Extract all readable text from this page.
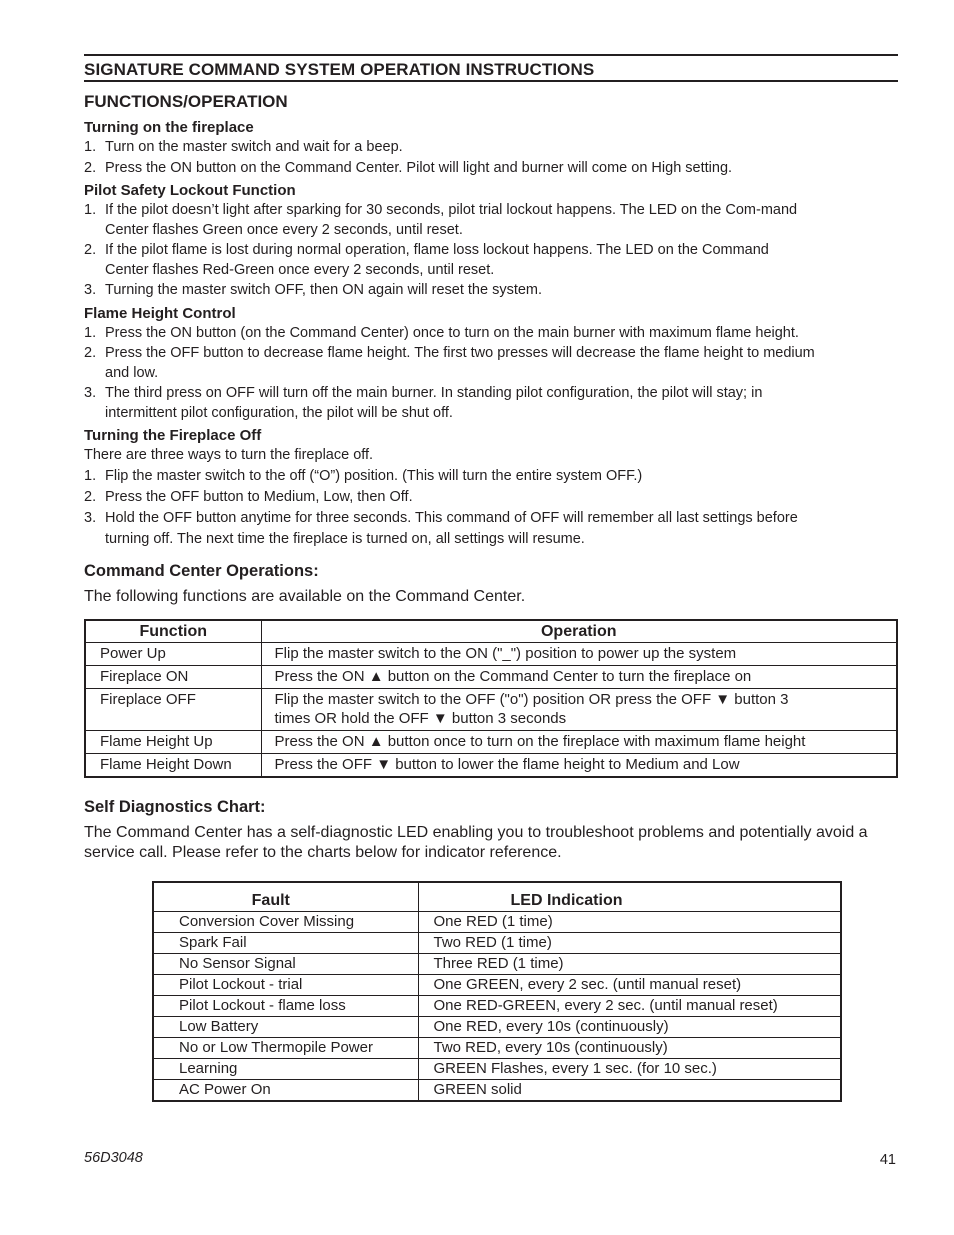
SIGNATURE COMMAND SYSTEM OPERATION INSTRUCTIONS
FUNCTIONS/OPERATION
Turning on the fireplace
1. Turn on the master switch and wait for a beep.
2. Press the ON button on the Command Center. Pilot will light and burner will come on High setting.
Pilot Safety Lockout Function
1. If the pilot doesn’t light after sparking for 30 seconds, pilot trial lockout happens. The LED on the Com-mand Center flashes Green once every 2 seconds, until reset.
2. If the pilot flame is lost during normal operation, flame loss lockout happens. The LED on the Command Center flashes Red-Green once every 2 seconds, until reset.
3. Turning the master switch OFF, then ON again will reset the system.
Flame Height Control
1. Press the ON button (on the Command Center) once to turn on the main burner with maximum flame height.
2. Press the OFF button to decrease flame height. The first two presses will decrease the flame height to medium and low.
3. The third press on OFF will turn off the main burner. In standing pilot configuration, the pilot will stay; in intermittent pilot configuration, the pilot will be shut off.
Turning the Fireplace Off

There are three ways to turn the fireplace off.

1. Flip the master switch to the off (“O”) position. (This will turn the entire system OFF.)
2. Press the OFF button to Medium, Low, then Off.
3. Hold the OFF button anytime for three seconds. This command of OFF will remember all last settings before turning off. The next time the fireplace is turned on, all settings will resume.
Command Center Operations:

The following functions are available on the Command Center.

Function	Operation
Power Up	Flip the master switch to the ON ("_") position to power up the system
Fireplace ON	Press the ON ▲ button on the Command Center to turn the fireplace on
Fireplace OFF	Flip the master switch to the OFF ("o") position OR press the OFF ▼ button 3 times OR hold the OFF ▼ button 3 seconds
Flame Height Up	Press the ON ▲ button once to turn on the fireplace with maximum flame height
Flame Height Down	Press the OFF ▼ button to lower the flame height to Medium and Low
Self Diagnostics Chart:

The Command Center has a self-diagnostic LED enabling you to troubleshoot problems and potentially avoid a service call. Please refer to the charts below for indicator reference.

Fault	LED Indication
Conversion Cover Missing	One RED (1 time)
Spark Fail	Two RED (1 time)
No Sensor Signal	Three RED (1 time)
Pilot Lockout - trial	One GREEN, every 2 sec. (until manual reset)
Pilot Lockout - flame loss	One RED-GREEN, every 2 sec. (until manual reset)
Low Battery	One RED, every 10s (continuously)
No or Low Thermopile Power	Two RED, every 10s (continuously)
Learning	GREEN Flashes, every 1 sec. (for 10 sec.)
AC Power On	GREEN solid
56D3048	41
